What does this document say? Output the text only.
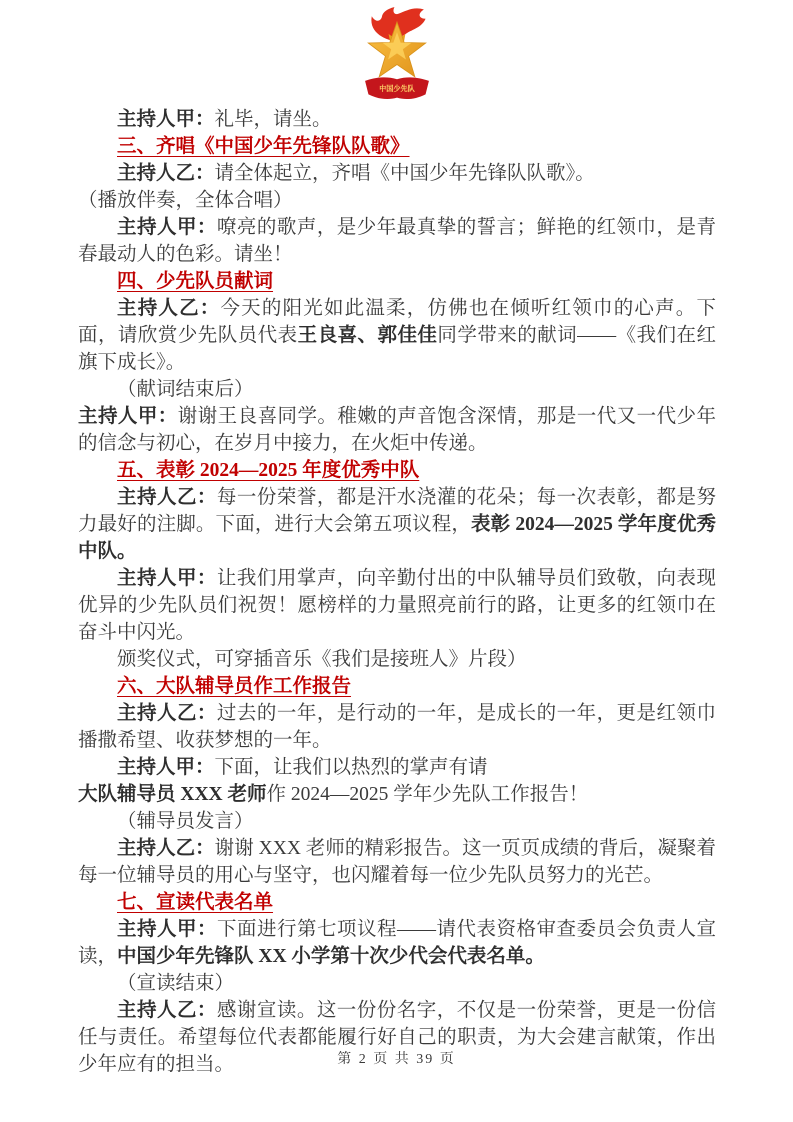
中国少先队

主持人甲：礼毕，请坐。

三、齐唱《中国少年先锋队队歌》

主持人乙：请全体起立，齐唱《中国少年先锋队队歌》。

（播放伴奏，全体合唱）

主持人甲：嘹亮的歌声，是少年最真挚的誓言；鲜艳的红领巾，是青春最动人的色彩。请坐！

四、少先队员献词

主持人乙：今天的阳光如此温柔，仿佛也在倾听红领巾的心声。下面，请欣赏少先队员代表王良喜、郭佳佳同学带来的献词——《我们在红旗下成长》。

（献词结束后）

主持人甲：谢谢王良喜同学。稚嫩的声音饱含深情，那是一代又一代少年的信念与初心，在岁月中接力，在火炬中传递。

五、表彰 2024—2025 年度优秀中队

主持人乙：每一份荣誉，都是汗水浇灌的花朵；每一次表彰，都是努力最好的注脚。下面，进行大会第五项议程，表彰 2024—2025 学年度优秀中队。

主持人甲：让我们用掌声，向辛勤付出的中队辅导员们致敬，向表现优异的少先队员们祝贺！愿榜样的力量照亮前行的路，让更多的红领巾在奋斗中闪光。

颁奖仪式，可穿插音乐《我们是接班人》片段）

六、大队辅导员作工作报告

主持人乙：过去的一年，是行动的一年，是成长的一年，更是红领巾播撒希望、收获梦想的一年。

主持人甲：下面，让我们以热烈的掌声有请

大队辅导员 XXX 老师作 2024—2025 学年少先队工作报告！

（辅导员发言）

主持人乙：谢谢 XXX 老师的精彩报告。这一页页成绩的背后，凝聚着每一位辅导员的用心与坚守，也闪耀着每一位少先队员努力的光芒。

七、宣读代表名单

主持人甲：下面进行第七项议程——请代表资格审查委员会负责人宣读，中国少年先锋队 XX 小学第十次少代会代表名单。

（宣读结束）

主持人乙：感谢宣读。这一份份名字，不仅是一份荣誉，更是一份信任与责任。希望每位代表都能履行好自己的职责，为大会建言献策，作出少年应有的担当。	第 2 页 共 39 页
